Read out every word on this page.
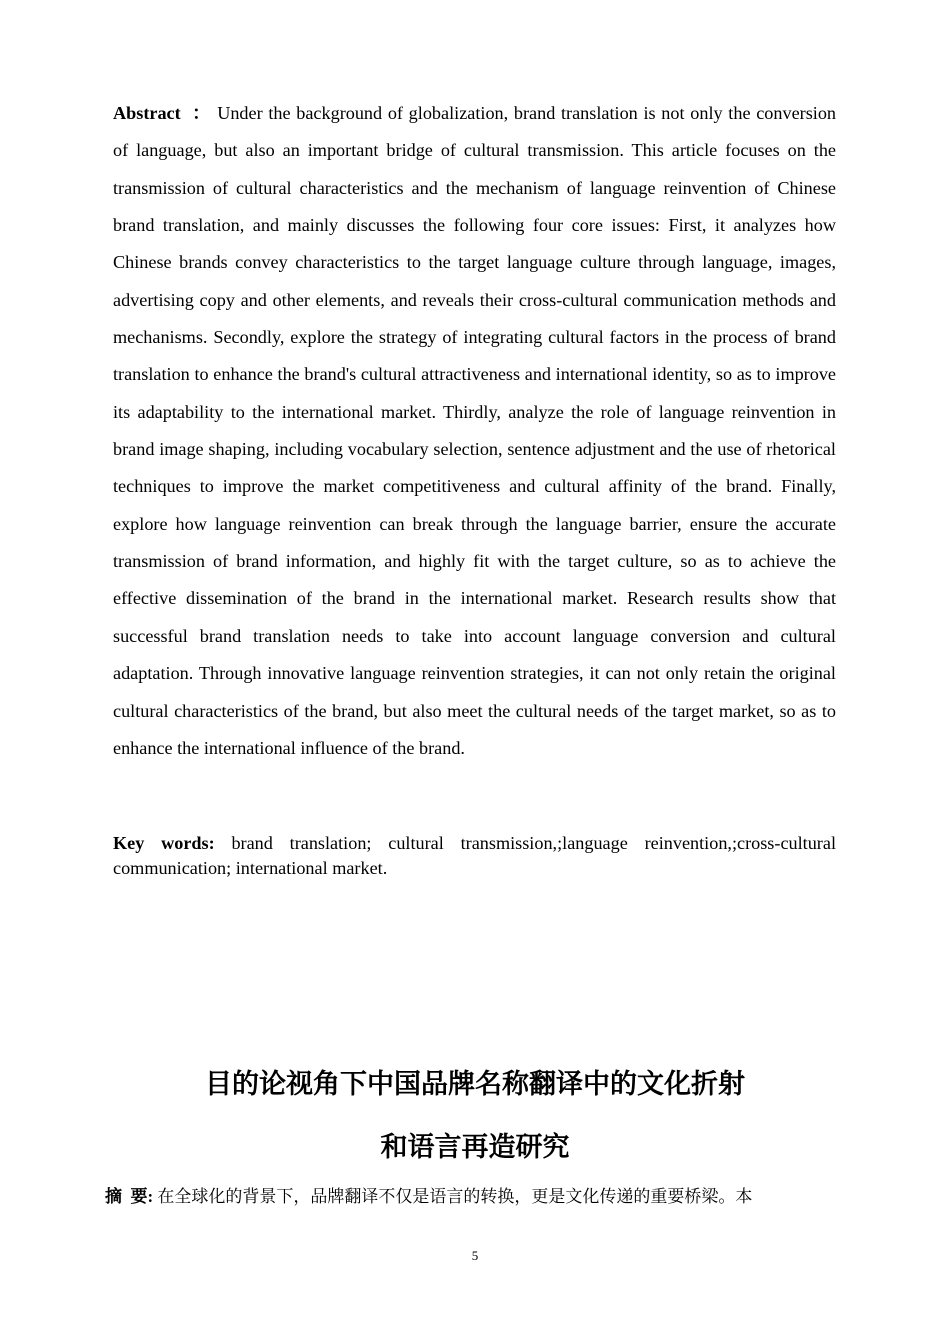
Abstract ： Under the background of globalization, brand translation is not only the conversion of language, but also an important bridge of cultural transmission. This article focuses on the transmission of cultural characteristics and the mechanism of language reinvention of Chinese brand translation, and mainly discusses the following four core issues: First, it analyzes how Chinese brands convey characteristics to the target language culture through language, images, advertising copy and other elements, and reveals their cross-cultural communication methods and mechanisms. Secondly, explore the strategy of integrating cultural factors in the process of brand translation to enhance the brand's cultural attractiveness and international identity, so as to improve its adaptability to the international market. Thirdly, analyze the role of language reinvention in brand image shaping, including vocabulary selection, sentence adjustment and the use of rhetorical techniques to improve the market competitiveness and cultural affinity of the brand. Finally, explore how language reinvention can break through the language barrier, ensure the accurate transmission of brand information, and highly fit with the target culture, so as to achieve the effective dissemination of the brand in the international market. Research results show that successful brand translation needs to take into account language conversion and cultural adaptation. Through innovative language reinvention strategies, it can not only retain the original cultural characteristics of the brand, but also meet the cultural needs of the target market, so as to enhance the international influence of the brand.

Key words: brand translation; cultural transmission,;language reinvention,;cross-cultural communication; international market.

目的论视角下中国品牌名称翻译中的文化折射
和语言再造研究

摘  要: 在全球化的背景下，品牌翻译不仅是语言的转换，更是文化传递的重要桥梁。本

5
